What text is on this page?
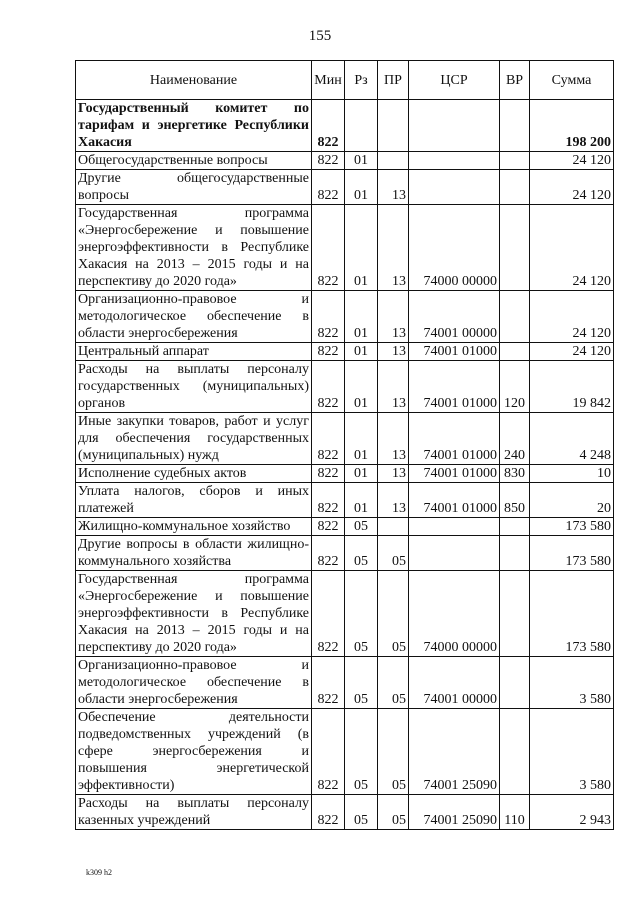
155
Наименование	Мин	Рз	ПР	ЦСР	ВР	Сумма
Государственный комитет по тарифам и энергетике Республики Хакасия	822					198 200
Общегосударственные вопросы	822	01				24 120
Другие общегосударственные вопросы	822	01	13			24 120
Государственная программа «Энергосбережение и повышение энергоэффективности в Республике Хакасия на 2013 – 2015 годы и на перспективу до 2020 года»	822	01	13	74000 00000		24 120
Организационно-правовое и методологическое обеспечение в области энергосбережения	822	01	13	74001 00000		24 120
Центральный аппарат	822	01	13	74001 01000		24 120
Расходы на выплаты персоналу государственных (муниципальных) органов	822	01	13	74001 01000	120	19 842
Иные закупки товаров, работ и услуг для обеспечения государственных (муниципальных) нужд	822	01	13	74001 01000	240	4 248
Исполнение судебных актов	822	01	13	74001 01000	830	10
Уплата налогов, сборов и иных платежей	822	01	13	74001 01000	850	20
Жилищно-коммунальное хозяйство	822	05				173 580
Другие вопросы в области жилищно-коммунального хозяйства	822	05	05			173 580
Государственная программа «Энергосбережение и повышение энергоэффективности в Республике Хакасия на 2013 – 2015 годы и на перспективу до 2020 года»	822	05	05	74000 00000		173 580
Организационно-правовое и методологическое обеспечение в области энергосбережения	822	05	05	74001 00000		3 580
Обеспечение деятельности подведомственных учреждений (в сфере энергосбережения и повышения энергетической эффективности)	822	05	05	74001 25090		3 580
Расходы на выплаты персоналу казенных учреждений	822	05	05	74001 25090	110	2 943
k309 h2
